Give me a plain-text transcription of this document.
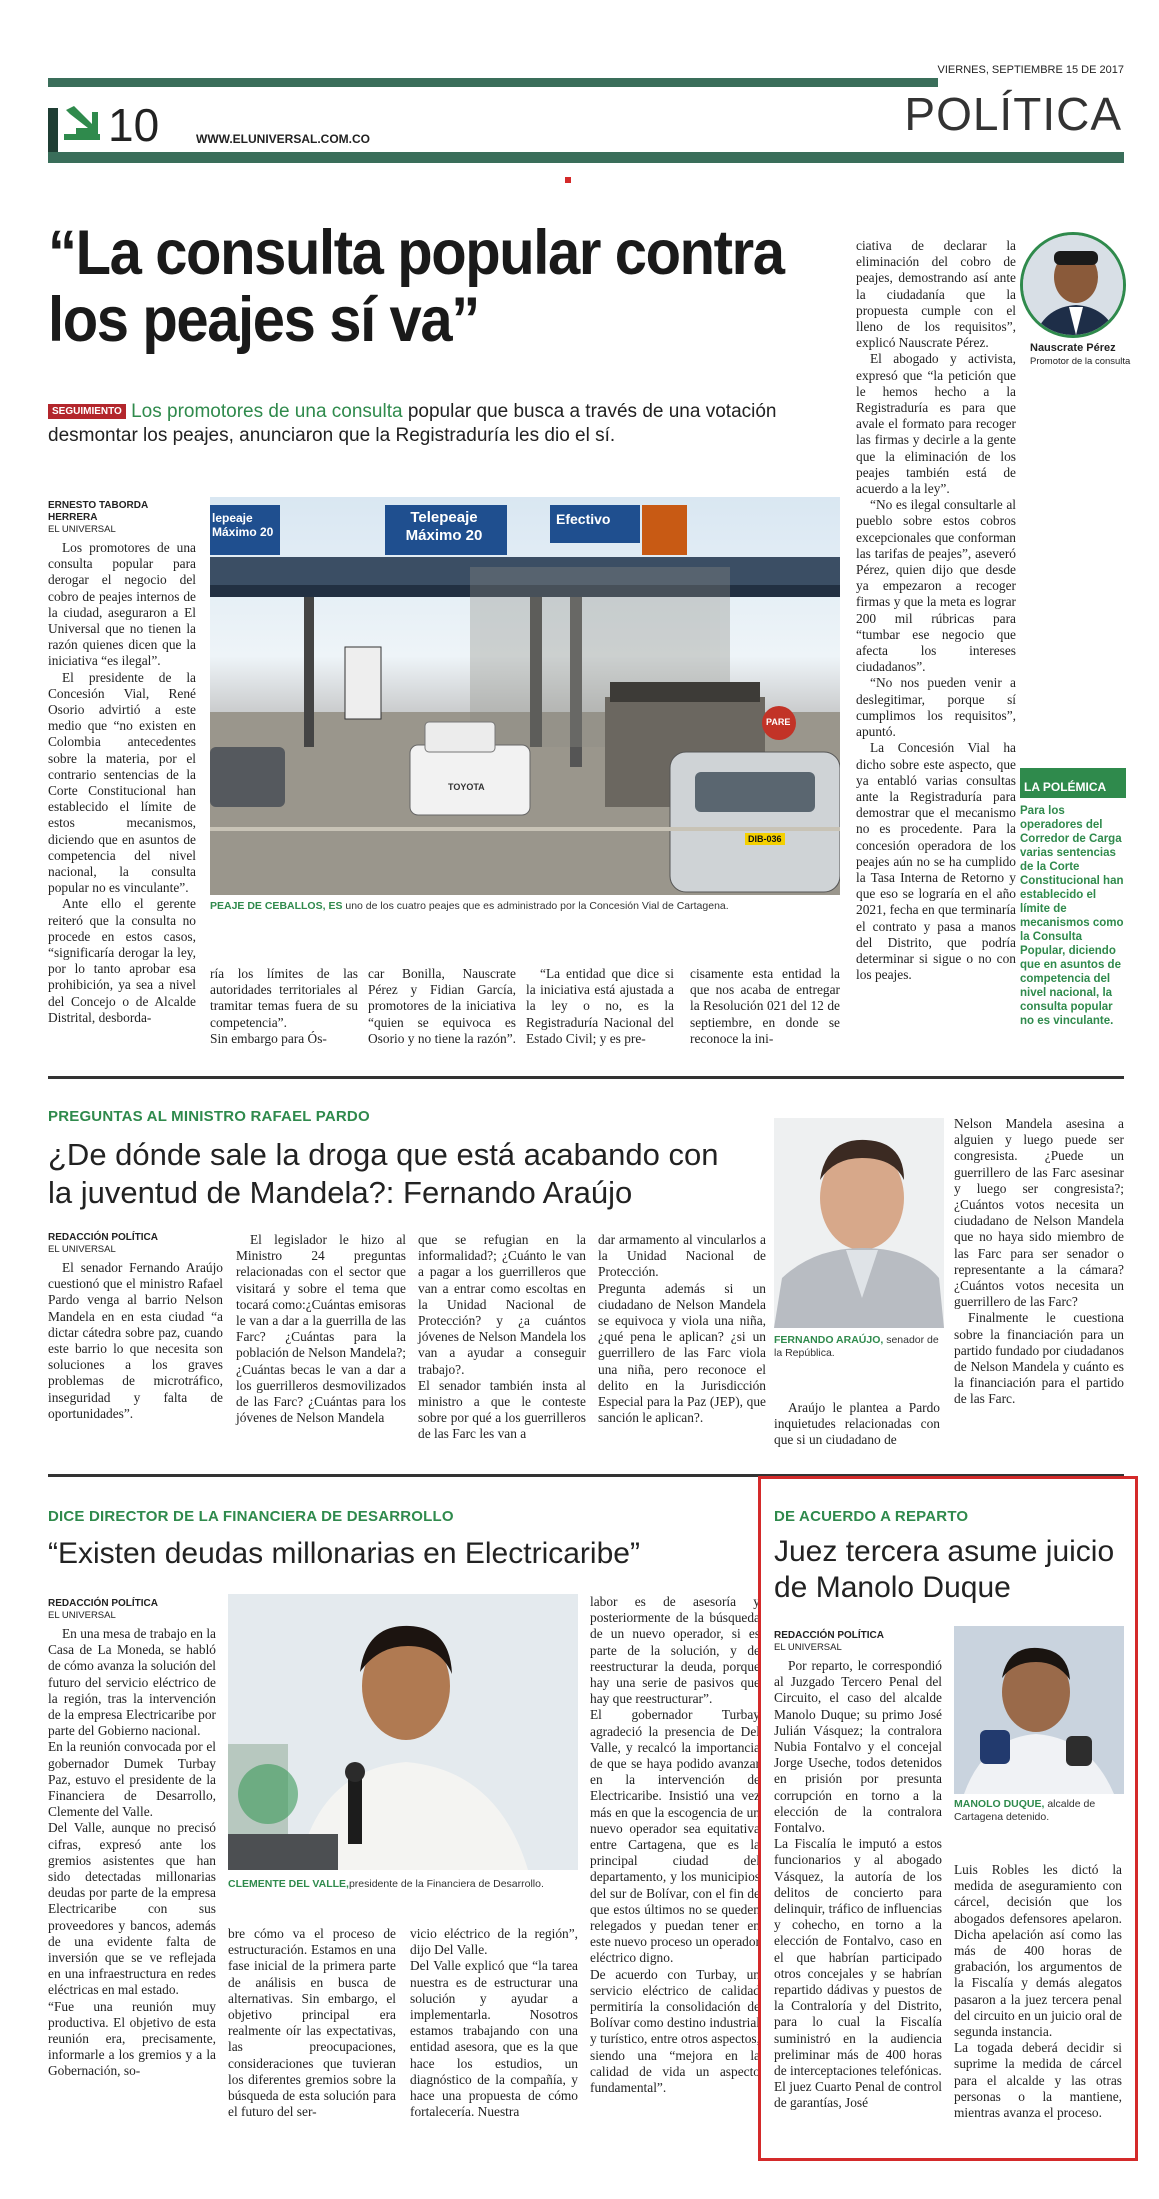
VIERNES, SEPTIEMBRE 15 DE 2017
10	WWW.ELUNIVERSAL.COM.CO	POLÍTICA
“La consulta popular contra los peajes sí va”
SEGUIMIENTO Los promotores de una consulta popular que busca a través de una votación desmontar los peajes, anunciaron que la Registraduría les dio el sí.
ERNESTO TABORDA HERRERA
EL UNIVERSAL

Los promotores de una consulta popular para derogar el negocio del cobro de peajes internos de la ciudad, aseguraron a El Universal que no tienen la razón quienes dicen que la iniciativa “es ilegal”.

El presidente de la Concesión Vial, René Osorio advirtió a este medio que “no existen en Colombia antecedentes sobre la materia, por el contrario sentencias de la Corte Constitucional han establecido el límite de estos mecanismos, diciendo que en asuntos de competencia del nivel nacional, la consulta popular no es vinculante”.

Ante ello el gerente reiteró que la consulta no procede en estos casos, “significaría derogar la ley, por lo tanto aprobar esa prohibición, ya sea a nivel del Concejo o de Alcalde Distrital, desborda-

lepeaje Máximo 20
Telepeaje Máximo 20
Efectivo
PARE
TOYOTA
DIB-036
PEAJE DE CEBALLOS, ES uno de los cuatro peajes que es administrado por la Concesión Vial de Cartagena.
ría los límites de las autoridades territoriales al tramitar temas fuera de su competencia”.
Sin embargo para Ós-
car Bonilla, Nauscrate Pérez y Fidian García, promotores de la iniciativa “quien se equivoca es Osorio y no tiene la razón”.
“La entidad que dice si la iniciativa está ajustada a la ley o no, es la Registraduría Nacional del Estado Civil; y es pre-
cisamente esta entidad la que nos acaba de entregar la Resolución 021 del 12 de septiembre, en donde se reconoce la ini-

ciativa de declarar la eliminación del cobro de peajes, demostrando así ante la ciudadanía que la propuesta cumple con el lleno de los requisitos”, explicó Nauscrate Pérez.

El abogado y activista, expresó que “la petición que le hemos hecho a la Registraduría es para que avale el formato para recoger las firmas y decirle a la gente que la eliminación de los peajes también está de acuerdo a la ley”.

“No es ilegal consultarle al pueblo sobre estos cobros excepcionales que conforman las tarifas de peajes”, aseveró Pérez, quien dijo que desde ya empezaron a recoger firmas y que la meta es lograr 200 mil rúbricas para “tumbar ese negocio que afecta los intereses ciudadanos”.

“No nos pueden venir a deslegitimar, porque sí cumplimos los requisitos”, apuntó.

La Concesión Vial ha dicho sobre este aspecto, que ya entabló varias consultas ante la Registraduría para demostrar que el mecanismo no es procedente. Para la concesión operadora de los peajes aún no se ha cumplido la Tasa Interna de Retorno y que eso se lograría en el año 2021, fecha en que terminaría el contrato y pasa a manos del Distrito, que podría determinar si sigue o no con los peajes.

Nauscrate Pérez
Promotor de la consulta
LA POLÉMICA
Para los operadores del Corredor de Carga varias sentencias de la Corte Constitucional han establecido el límite de mecanismos como la Consulta Popular, diciendo que en asuntos de competencia del nivel nacional, la consulta popular no es vinculante.
PREGUNTAS AL MINISTRO RAFAEL PARDO
¿De dónde sale la droga que está acabando con la juventud de Mandela?: Fernando Araújo
REDACCIÓN POLÍTICA
EL UNIVERSAL
El senador Fernando Araújo cuestionó que el ministro Rafael Pardo venga al barrio Nelson Mandela en en esta ciudad “a dictar cátedra sobre paz, cuando este barrio lo que necesita son soluciones a los graves problemas de microtráfico, inseguridad y falta de oportunidades”.
El legislador le hizo al Ministro 24 preguntas relacionadas con el sector que visitará y sobre el tema que tocará como:¿Cuántas emisoras le van a dar a la guerrilla de las Farc? ¿Cuántas para la población de Nelson Mandela?; ¿Cuántas becas le van a dar a los guerrilleros desmovilizados de las Farc? ¿Cuántas para los jóvenes de Nelson Mandela
que se refugian en la informalidad?; ¿Cuánto le van a pagar a los guerrilleros que van a entrar como escoltas en la Unidad Nacional de Protección? y ¿a cuántos jóvenes de Nelson Mandela los van a ayudar a conseguir trabajo?.
El senador también insta al ministro a que le conteste sobre por qué a los guerrilleros de las Farc les van a
dar armamento al vincularlos a la Unidad Nacional de Protección.
Pregunta además si un ciudadano de Nelson Mandela se equivoca y viola una niña, ¿qué pena le aplican? ¿si un guerrillero de las Farc viola una niña, pero reconoce el delito en la Jurisdicción Especial para la Paz (JEP), que sanción le aplican?.
FERNANDO ARAÚJO, senador de la República.
Araújo le plantea a Pardo inquietudes relacionadas con que si un ciudadano de

Nelson Mandela asesina a alguien y luego puede ser congresista. ¿Puede un guerrillero de las Farc asesinar y luego ser congresista?; ¿Cuántos votos necesita un ciudadano de Nelson Mandela que no haya sido miembro de las Farc para ser senador o representante a la cámara? ¿Cuántos votos necesita un guerrillero de las Farc?

Finalmente le cuestiona sobre la financiación para un partido fundado por ciudadanos de Nelson Mandela y cuánto es la financiación para el partido de las Farc.

DICE DIRECTOR DE LA FINANCIERA DE DESARROLLO
“Existen deudas millonarias en Electricaribe”
REDACCIÓN POLÍTICA
EL UNIVERSAL
En una mesa de trabajo en la Casa de La Moneda, se habló de cómo avanza la solución del futuro del servicio eléctrico de la región, tras la intervención de la empresa Electricaribe por parte del Gobierno nacional.
En la reunión convocada por el gobernador Dumek Turbay Paz, estuvo el presidente de la Financiera de Desarrollo, Clemente del Valle.
Del Valle, aunque no precisó cifras, expresó ante los gremios asistentes que han sido detectadas millonarias deudas por parte de la empresa Electricaribe con sus proveedores y bancos, además de una evidente falta de inversión que se ve reflejada en una infraestructura en redes eléctricas en mal estado.
“Fue una reunión muy productiva. El objetivo de esta reunión era, precisamente, informarle a los gremios y a la Gobernación, so-
CLEMENTE DEL VALLE,presidente de la Financiera de Desarrollo.
bre cómo va el proceso de estructuración. Estamos en una fase inicial de la primera parte de análisis en busca de alternativas. Sin embargo, el objetivo principal era realmente oír las expectativas, las preocupaciones, consideraciones que tuvieran los diferentes gremios sobre la búsqueda de esta solución para el futuro del ser-
vicio eléctrico de la región”, dijo Del Valle.
Del Valle explicó que “la tarea nuestra es de estructurar una solución y ayudar a implementarla. Nosotros estamos trabajando con una entidad asesora, que es la que hace los estudios, un diagnóstico de la compañía, y hace una propuesta de cómo fortalecería. Nuestra
labor es de asesoría y posteriormente de la búsqueda de un nuevo operador, si es parte de la solución, y de reestructurar la deuda, porque hay una serie de pasivos que hay que reestructurar”.
El gobernador Turbay agradeció la presencia de Del Valle, y recalcó la importancia de que se haya podido avanzar en la intervención de Electricaribe. Insistió una vez más en que la escogencia de un nuevo operador sea equitativa entre Cartagena, que es la principal ciudad del departamento, y los municipios del sur de Bolívar, con el fin de que estos últimos no se queden relegados y puedan tener en este nuevo proceso un operador eléctrico digno.
De acuerdo con Turbay, un servicio eléctrico de calidad permitiría la consolidación de Bolívar como destino industrial y turístico, entre otros aspectos, siendo una “mejora en la calidad de vida un aspecto fundamental”.
DE ACUERDO A REPARTO
Juez tercera asume juicio de Manolo Duque
REDACCIÓN POLÍTICA
EL UNIVERSAL
Por reparto, le correspondió al Juzgado Tercero Penal del Circuito, el caso del alcalde Manolo Duque; su primo José Julián Vásquez; la contralora Nubia Fontalvo y el concejal Jorge Useche, todos detenidos en prisión por presunta corrupción en torno a la elección de la contralora Fontalvo.
La Fiscalía le imputó a estos funcionarios y al abogado Vásquez, la autoría de los delitos de concierto para delinquir, tráfico de influencias y cohecho, en torno a la elección de Fontalvo, caso en el que habrían participado otros concejales y se habrían repartido dádivas y puestos de la Contraloría y del Distrito, para lo cual la Fiscalía suministró en la audiencia preliminar más de 400 horas de interceptaciones telefónicas.
El juez Cuarto Penal de control de garantías, José
MANOLO DUQUE, alcalde de Cartagena detenido.
Luis Robles les dictó la medida de aseguramiento con cárcel, decisión que los abogados defensores apelaron. Dicha apelación así como las más de 400 horas de grabación, los argumentos de la Fiscalía y demás alegatos pasaron a la juez tercera penal del circuito en un juicio oral de segunda instancia.
La togada deberá decidir si suprime la medida de cárcel para el alcalde y las otras personas o la mantiene, mientras avanza el proceso.
